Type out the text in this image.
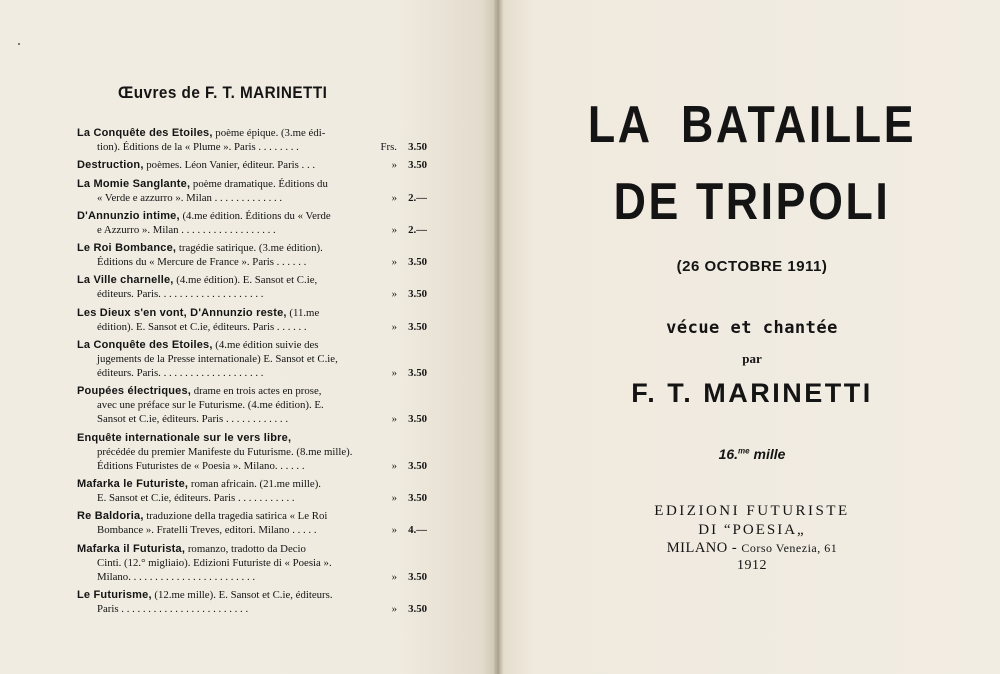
Œuvres de F. T. MARINETTI
La Conquête des Etoiles, poème épique. (3.me édi-
tion). Éditions de la « Plume ». Paris . . . . . . . .	Frs.	3.50
Destruction, poèmes. Léon Vanier, éditeur. Paris . . .	»	3.50
La Momie Sanglante, poème dramatique. Éditions du
« Verde e azzurro ». Milan . . . . . . . . . . . . .	»	2.—
D'Annunzio intime, (4.me édition. Éditions du « Verde
e Azzurro ». Milan . . . . . . . . . . . . . . . . . .	»	2.—
Le Roi Bombance, tragédie satirique. (3.me édition).
Éditions du « Mercure de France ». Paris . . . . . .	»	3.50
La Ville charnelle, (4.me édition). E. Sansot et C.ie,
éditeurs. Paris. . . . . . . . . . . . . . . . . . . .	»	3.50
Les Dieux s'en vont, D'Annunzio reste, (11.me
édition). E. Sansot et C.ie, éditeurs. Paris . . . . . .	»	3.50
La Conquête des Etoiles, (4.me édition suivie des
jugements de la Presse internationale) E. Sansot et C.ie,
éditeurs. Paris. . . . . . . . . . . . . . . . . . . .	»	3.50
Poupées électriques, drame en trois actes en prose,
avec une préface sur le Futurisme. (4.me édition). E.
Sansot et C.ie, éditeurs. Paris . . . . . . . . . . . .	»	3.50
Enquête internationale sur le vers libre,
précédée du premier Manifeste du Futurisme. (8.me mille).
Éditions Futuristes de « Poesia ». Milano. . . . . .	»	3.50
Mafarka le Futuriste, roman africain. (21.me mille).
E. Sansot et C.ie, éditeurs. Paris . . . . . . . . . . .	»	3.50
Re Baldoria, traduzione della tragedia satirica « Le Roi
Bombance ». Fratelli Treves, editori. Milano . . . . .	»	4.—
Mafarka il Futurista, romanzo, tradotto da Decio
Cinti. (12.° migliaio). Edizioni Futuriste di « Poesia ».
Milano. . . . . . . . . . . . . . . . . . . . . . . .	»	3.50
Le Futurisme, (12.me mille). E. Sansot et C.ie, éditeurs.
Paris . . . . . . . . . . . . . . . . . . . . . . . .	»	3.50
LA  BATAILLE
DE TRIPOLI
(26 OCTOBRE 1911)
vécue et chantée
par
F. T. MARINETTI
16.$^{me}$ mille
EDIZIONI FUTURISTE
DI “POESIA„
MILANO - Corso Venezia, 61
1912
